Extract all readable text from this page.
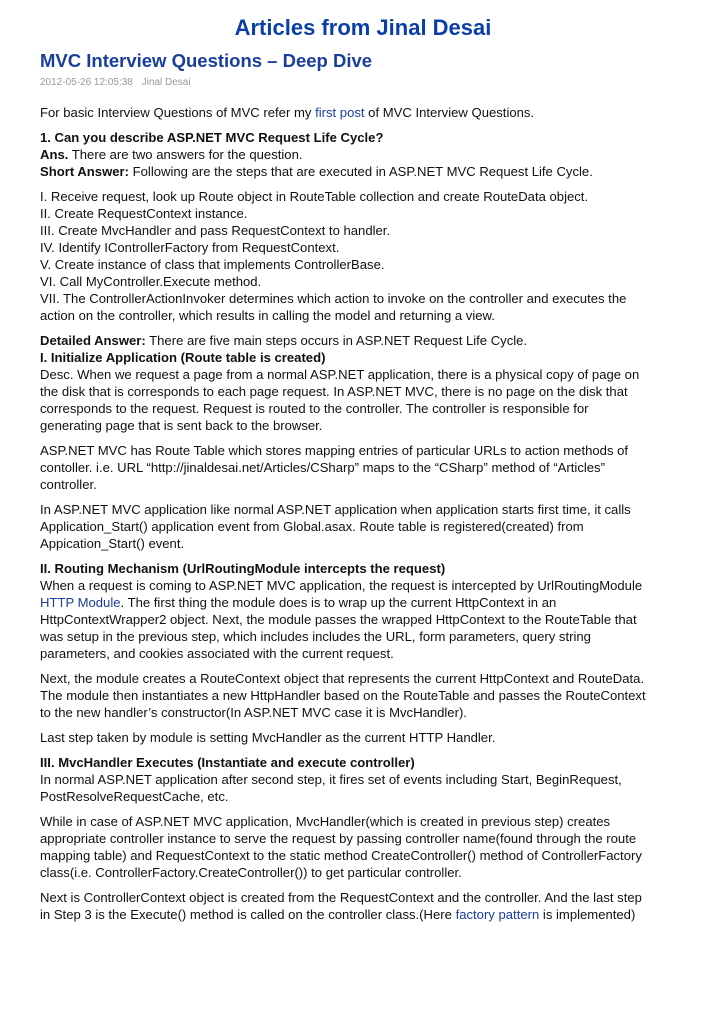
Articles from Jinal Desai
MVC Interview Questions – Deep Dive
2012-05-26 12:05:38 Jinal Desai

For basic Interview Questions of MVC refer my first post of MVC Interview Questions.

1. Can you describe ASP.NET MVC Request Life Cycle?
Ans. There are two answers for the question.
Short Answer: Following are the steps that are executed in ASP.NET MVC Request Life Cycle.
I. Receive request, look up Route object in RouteTable collection and create RouteData object.
II. Create RequestContext instance.
III. Create MvcHandler and pass RequestContext to handler.
IV. Identify IControllerFactory from RequestContext.
V. Create instance of class that implements ControllerBase.
VI. Call MyController.Execute method.
VII. The ControllerActionInvoker determines which action to invoke on the controller and executes the
action on the controller, which results in calling the model and returning a view.
Detailed Answer: There are five main steps occurs in ASP.NET Request Life Cycle.
I. Initialize Application (Route table is created)
Desc. When we request a page from a normal ASP.NET application, there is a physical copy of page on
the disk that is corresponds to each page request. In ASP.NET MVC, there is no page on the disk that
corresponds to the request. Request is routed to the controller. The controller is responsible for
generating page that is sent back to the browser.
ASP.NET MVC has Route Table which stores mapping entries of particular URLs to action methods of
contoller. i.e. URL “http://jinaldesai.net/Articles/CSharp” maps to the “CSharp” method of “Articles”
controller.
In ASP.NET MVC application like normal ASP.NET application when application starts first time, it calls
Application_Start() application event from Global.asax. Route table is registered(created) from
Appication_Start() event.
II. Routing Mechanism (UrlRoutingModule intercepts the request)
When a request is coming to ASP.NET MVC application, the request is intercepted by UrlRoutingModule
HTTP Module. The first thing the module does is to wrap up the current HttpContext in an
HttpContextWrapper2 object. Next, the module passes the wrapped HttpContext to the RouteTable that
was setup in the previous step, which includes includes the URL, form parameters, query string
parameters, and cookies associated with the current request.
Next, the module creates a RouteContext object that represents the current HttpContext and RouteData.
The module then instantiates a new HttpHandler based on the RouteTable and passes the RouteContext
to the new handler’s constructor(In ASP.NET MVC case it is MvcHandler).
Last step taken by module is setting MvcHandler as the current HTTP Handler.
III. MvcHandler Executes (Instantiate and execute controller)
In normal ASP.NET application after second step, it fires set of events including Start, BeginRequest,
PostResolveRequestCache, etc.
While in case of ASP.NET MVC application, MvcHandler(which is created in previous step) creates
appropriate controller instance to serve the request by passing controller name(found through the route
mapping table) and RequestContext to the static method CreateController() method of ControllerFactory
class(i.e. ControllerFactory.CreateController()) to get particular controller.
Next is ControllerContext object is created from the RequestContext and the controller. And the last step
in Step 3 is the Execute() method is called on the controller class.(Here factory pattern is implemented)
